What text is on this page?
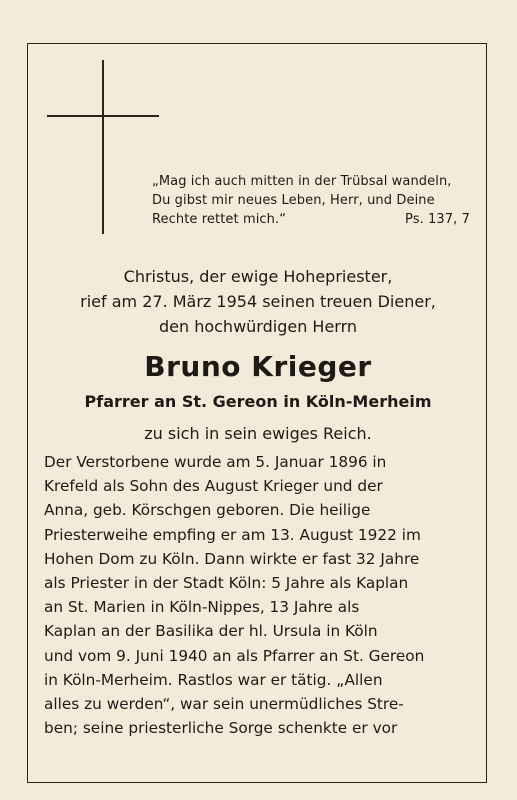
„Mag ich auch mitten in der Trübsal wandeln,
Du gibst mir neues Leben, Herr, und Deine
Rechte rettet mich.“	Ps. 137, 7
Christus, der ewige Hohepriester,
rief am 27. März 1954 seinen treuen Diener,
den hochwürdigen Herrn
Bruno Krieger
Pfarrer an St. Gereon in Köln-Merheim
zu sich in sein ewiges Reich.
Der Verstorbene wurde am 5. Januar 1896 in
Krefeld als Sohn des August Krieger und der
Anna, geb. Körschgen geboren. Die heilige
Priesterweihe empfing er am 13. August 1922 im
Hohen Dom zu Köln. Dann wirkte er fast 32 Jahre
als Priester in der Stadt Köln: 5 Jahre als Kaplan
an St. Marien in Köln-Nippes, 13 Jahre als
Kaplan an der Basilika der hl. Ursula in Köln
und vom 9. Juni 1940 an als Pfarrer an St. Gereon
in Köln-Merheim. Rastlos war er tätig. „Allen
alles zu werden“, war sein unermüdliches Stre-
ben; seine priesterliche Sorge schenkte er vor
